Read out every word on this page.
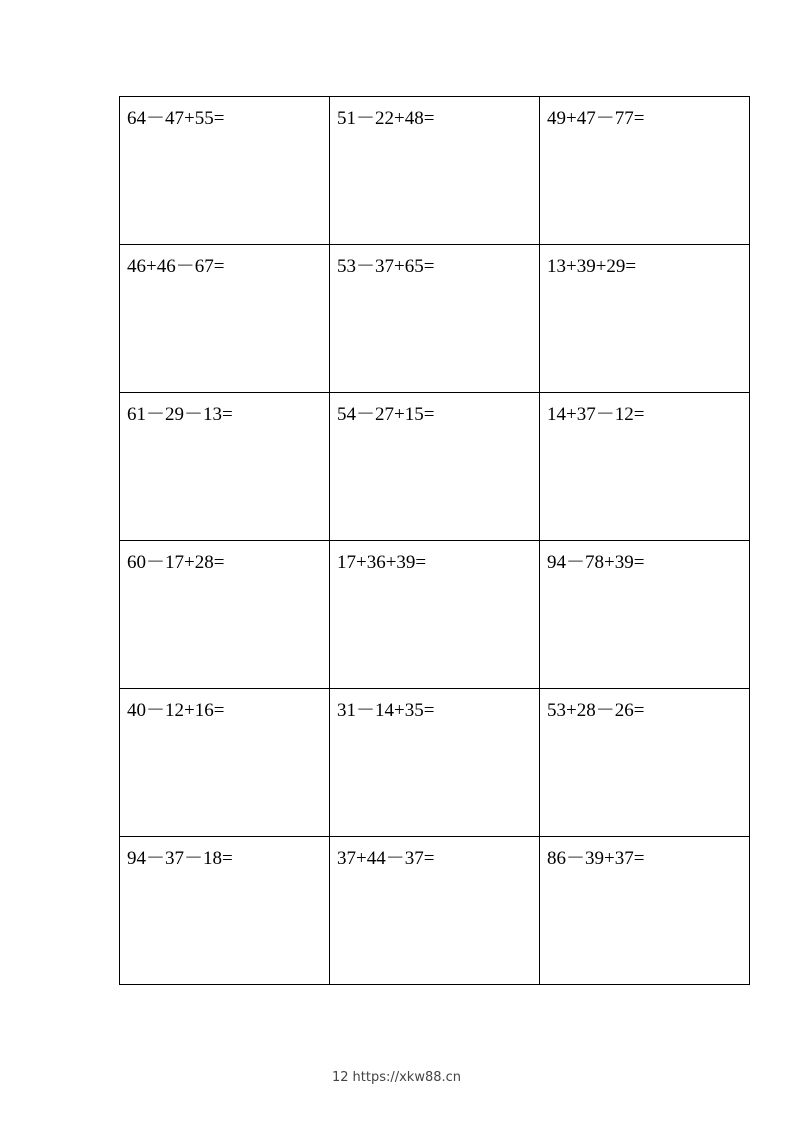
64－47+55=	51－22+48=	49+47－77=

46+46－67=	53－37+65=	13+39+29=

61－29－13=	54－27+15=	14+37－12=

60－17+28=	17+36+39=	94－78+39=

40－12+16=	31－14+35=	53+28－26=

94－37－18=	37+44－37=	86－39+37=
12 https://xkw88.cn
